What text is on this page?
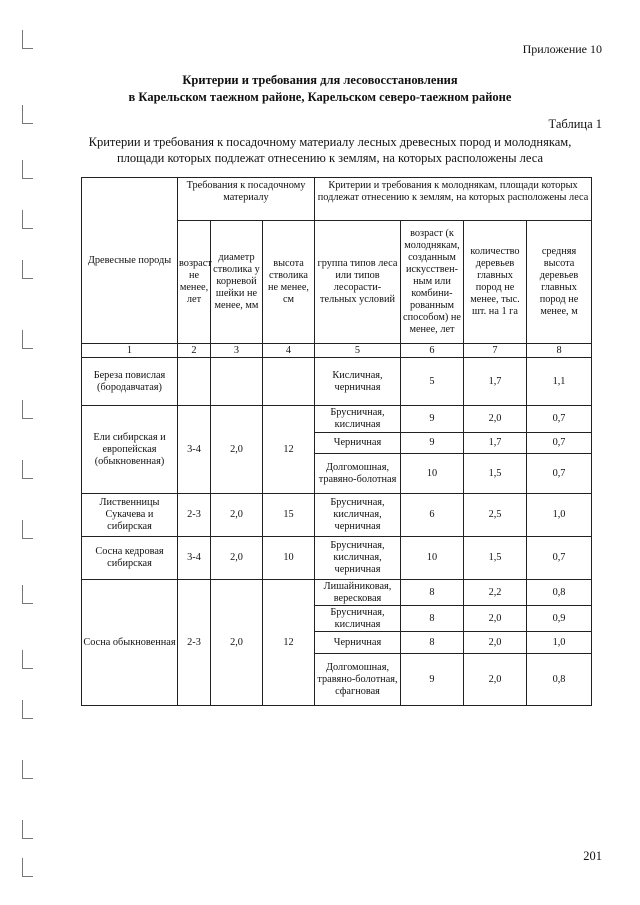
Приложение 10
Критерии и требования для лесовосстановления
в Карельском таежном районе, Карельском северо-таежном районе
Таблица 1
Критерии и требования к посадочному материалу лесных древесных пород и молоднякам, площади которых подлежат отнесению к землям, на которых расположены леса
Древесные породы	Требования к посадочному материалу			Критерии и требования к молоднякам, площади которых подлежат отнесению к землям, на которых расположены леса			
	возраст не менее, лет	диаметр стволика у корневой шейки не менее, мм	высота стволика не менее, см	группа типов леса или типов лесорасти-тельных условий	возраст (к молоднякам, созданным искусствен-ным или комбини-рованным способом) не менее, лет	количество деревьев главных пород не менее, тыс. шт. на 1 га	средняя высота деревьев главных пород не менее, м
1	2	3	4	5	6	7	8
Береза повислая (бородавчатая)				Кисличная, черничная	5	1,7	1,1
Ели сибирская и европейская (обыкновенная)	3-4	2,0	12	Брусничная, кисличная	9	2,0	0,7
				Черничная	9	1,7	0,7
				Долгомошная, травяно-болотная	10	1,5	0,7
Лиственницы Сукачева и сибирская	2-3	2,0	15	Брусничная, кисличная, черничная	6	2,5	1,0
Сосна кедровая сибирская	3-4	2,0	10	Брусничная, кисличная, черничная	10	1,5	0,7
Сосна обыкновенная	2-3	2,0	12	Лишайниковая, вересковая	8	2,2	0,8
				Брусничная, кисличная	8	2,0	0,9
				Черничная	8	2,0	1,0
				Долгомошная, травяно-болотная, сфагновая	9	2,0	0,8
201
